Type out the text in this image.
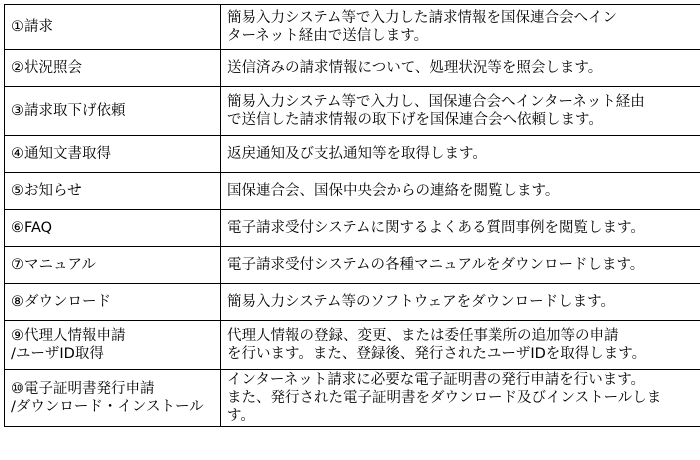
①請求	簡易入力システム等で入力した請求情報を国保連合会へイン
ターネット経由で送信します。
②状況照会	送信済みの請求情報について、処理状況等を照会します。
③請求取下げ依頼	簡易入力システム等で入力し、国保連合会へインターネット経由
で送信した請求情報の取下げを国保連合会へ依頼します。
④通知文書取得	返戻通知及び支払通知等を取得します。
⑤お知らせ	国保連合会、国保中央会からの連絡を閲覧します。
⑥FAQ	電子請求受付システムに関するよくある質問事例を閲覧します。
⑦マニュアル	電子請求受付システムの各種マニュアルをダウンロードします。
⑧ダウンロード	簡易入力システム等のソフトウェアをダウンロードします。
⑨代理人情報申請
/ユーザID取得	代理人情報の登録、変更、または委任事業所の追加等の申請
を行います。また、登録後、発行されたユーザIDを取得します。
⑩電子証明書発行申請
/ダウンロード・インストール	インターネット請求に必要な電子証明書の発行申請を行います。
また、発行された電子証明書をダウンロード及びインストールしま
す。
